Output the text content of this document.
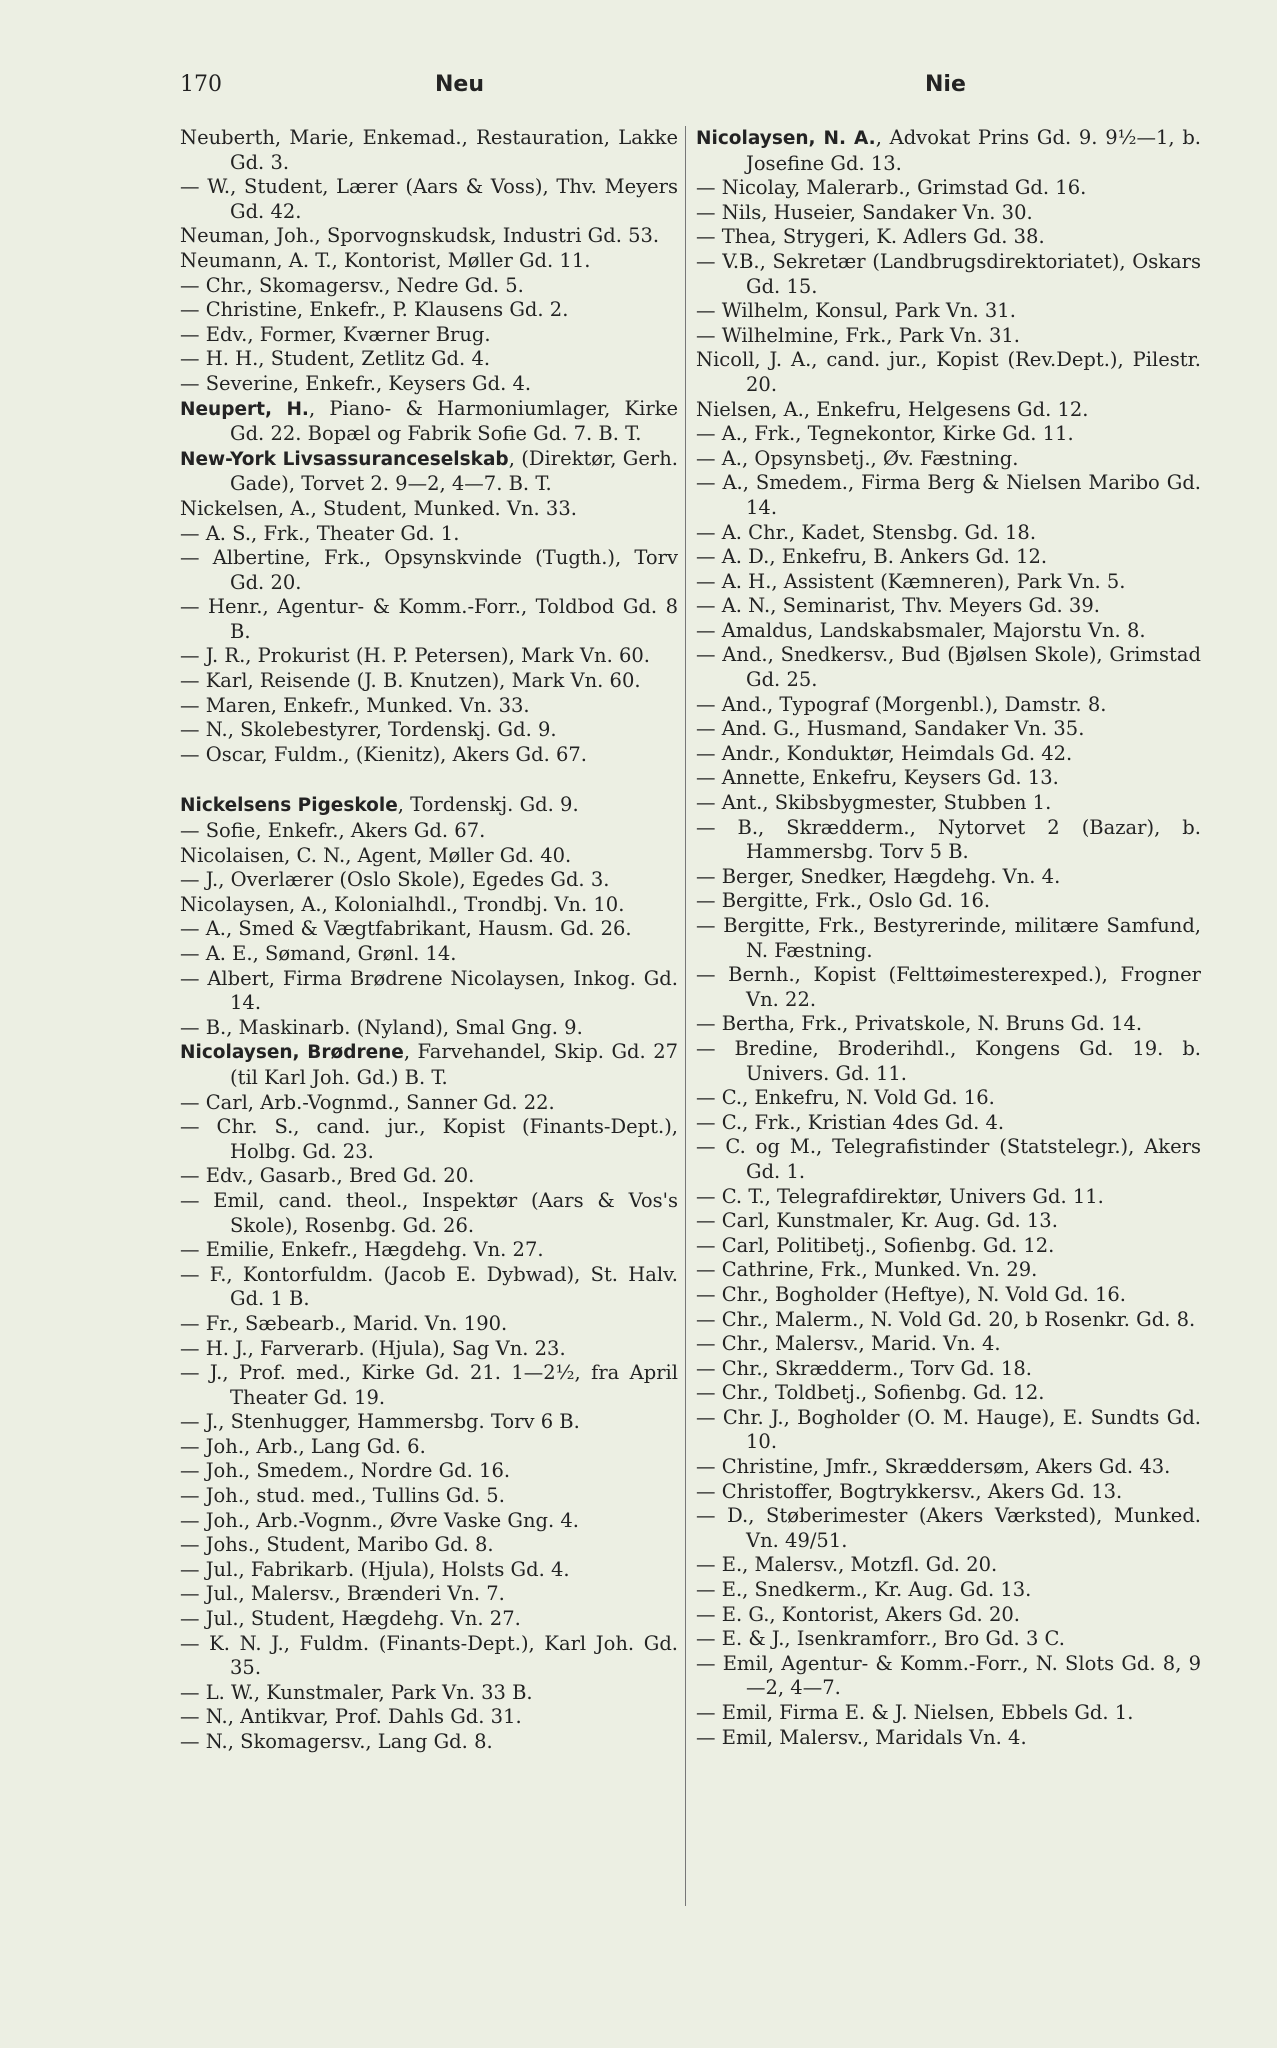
170	Neu	Nie

Neuberth, Marie, Enkemad., Restauration, Lakke Gd. 3.

— W., Student, Lærer (Aars & Voss), Thv. Meyers Gd. 42.

Neuman, Joh., Sporvognskudsk, Industri Gd. 53.

Neumann, A. T., Kontorist, Møller Gd. 11.

— Chr., Skomagersv., Nedre Gd. 5.

— Christine, Enkefr., P. Klausens Gd. 2.

— Edv., Former, Kværner Brug.

— H. H., Student, Zetlitz Gd. 4.

— Severine, Enkefr., Keysers Gd. 4.

Neupert, H., Piano- & Harmoniumlager, Kirke Gd. 22. Bopæl og Fabrik Sofie Gd. 7. B. T.

New-York Livsassuranceselskab, (Direktør, Gerh. Gade), Torvet 2. 9—2, 4—7. B. T.

Nickelsen, A., Student, Munked. Vn. 33.

— A. S., Frk., Theater Gd. 1.

— Albertine, Frk., Opsynskvinde (Tugth.), Torv Gd. 20.

— Henr., Agentur- & Komm.-Forr., Toldbod Gd. 8 B.

— J. R., Prokurist (H. P. Petersen), Mark Vn. 60.

— Karl, Reisende (J. B. Knutzen), Mark Vn. 60.

— Maren, Enkefr., Munked. Vn. 33.

— N., Skolebestyrer, Tordenskj. Gd. 9.

— Oscar, Fuldm., (Kienitz), Akers Gd. 67.

Nickelsens Pigeskole, Tordenskj. Gd. 9.

— Sofie, Enkefr., Akers Gd. 67.

Nicolaisen, C. N., Agent, Møller Gd. 40.

— J., Overlærer (Oslo Skole), Egedes Gd. 3.

Nicolaysen, A., Kolonialhdl., Trondbj. Vn. 10.

— A., Smed & Vægtfabrikant, Hausm. Gd. 26.

— A. E., Sømand, Grønl. 14.

— Albert, Firma Brødrene Nicolaysen, Inkog. Gd. 14.

— B., Maskinarb. (Nyland), Smal Gng. 9.

Nicolaysen, Brødrene, Farvehandel, Skip. Gd. 27 (til Karl Joh. Gd.) B. T.

— Carl, Arb.-Vognmd., Sanner Gd. 22.

— Chr. S., cand. jur., Kopist (Finants-Dept.), Holbg. Gd. 23.

— Edv., Gasarb., Bred Gd. 20.

— Emil, cand. theol., Inspektør (Aars & Vos's Skole), Rosenbg. Gd. 26.

— Emilie, Enkefr., Hægdehg. Vn. 27.

— F., Kontorfuldm. (Jacob E. Dybwad), St. Halv. Gd. 1 B.

— Fr., Sæbearb., Marid. Vn. 190.

— H. J., Farverarb. (Hjula), Sag Vn. 23.

— J., Prof. med., Kirke Gd. 21. 1—2½, fra April Theater Gd. 19.

— J., Stenhugger, Hammersbg. Torv 6 B.

— Joh., Arb., Lang Gd. 6.

— Joh., Smedem., Nordre Gd. 16.

— Joh., stud. med., Tullins Gd. 5.

— Joh., Arb.-Vognm., Øvre Vaske Gng. 4.

— Johs., Student, Maribo Gd. 8.

— Jul., Fabrikarb. (Hjula), Holsts Gd. 4.

— Jul., Malersv., Brænderi Vn. 7.

— Jul., Student, Hægdehg. Vn. 27.

— K. N. J., Fuldm. (Finants-Dept.), Karl Joh. Gd. 35.

— L. W., Kunstmaler, Park Vn. 33 B.

— N., Antikvar, Prof. Dahls Gd. 31.

— N., Skomagersv., Lang Gd. 8.

Nicolaysen, N. A., Advokat Prins Gd. 9. 9½—1, b. Josefine Gd. 13.

— Nicolay, Malerarb., Grimstad Gd. 16.

— Nils, Huseier, Sandaker Vn. 30.

— Thea, Strygeri, K. Adlers Gd. 38.

— V.B., Sekretær (Landbrugsdirektoriatet), Oskars Gd. 15.

— Wilhelm, Konsul, Park Vn. 31.

— Wilhelmine, Frk., Park Vn. 31.

Nicoll, J. A., cand. jur., Kopist (Rev.Dept.), Pilestr. 20.

Nielsen, A., Enkefru, Helgesens Gd. 12.

— A., Frk., Tegnekontor, Kirke Gd. 11.

— A., Opsynsbetj., Øv. Fæstning.

— A., Smedem., Firma Berg & Nielsen Maribo Gd. 14.

— A. Chr., Kadet, Stensbg. Gd. 18.

— A. D., Enkefru, B. Ankers Gd. 12.

— A. H., Assistent (Kæmneren), Park Vn. 5.

— A. N., Seminarist, Thv. Meyers Gd. 39.

— Amaldus, Landskabsmaler, Majorstu Vn. 8.

— And., Snedkersv., Bud (Bjølsen Skole), Grimstad Gd. 25.

— And., Typograf (Morgenbl.), Damstr. 8.

— And. G., Husmand, Sandaker Vn. 35.

— Andr., Konduktør, Heimdals Gd. 42.

— Annette, Enkefru, Keysers Gd. 13.

— Ant., Skibsbygmester, Stubben 1.

— B., Skrædderm., Nytorvet 2 (Bazar), b. Hammersbg. Torv 5 B.

— Berger, Snedker, Hægdehg. Vn. 4.

— Bergitte, Frk., Oslo Gd. 16.

— Bergitte, Frk., Bestyrerinde, militære Samfund, N. Fæstning.

— Bernh., Kopist (Felttøimesterexped.), Frogner Vn. 22.

— Bertha, Frk., Privatskole, N. Bruns Gd. 14.

— Bredine, Broderihdl., Kongens Gd. 19. b. Univers. Gd. 11.

— C., Enkefru, N. Vold Gd. 16.

— C., Frk., Kristian 4des Gd. 4.

— C. og M., Telegrafistinder (Statstelegr.), Akers Gd. 1.

— C. T., Telegrafdirektør, Univers Gd. 11.

— Carl, Kunstmaler, Kr. Aug. Gd. 13.

— Carl, Politibetj., Sofienbg. Gd. 12.

— Cathrine, Frk., Munked. Vn. 29.

— Chr., Bogholder (Heftye), N. Vold Gd. 16.

— Chr., Malerm., N. Vold Gd. 20, b Rosenkr. Gd. 8.

— Chr., Malersv., Marid. Vn. 4.

— Chr., Skrædderm., Torv Gd. 18.

— Chr., Toldbetj., Sofienbg. Gd. 12.

— Chr. J., Bogholder (O. M. Hauge), E. Sundts Gd. 10.

— Christine, Jmfr., Skræddersøm, Akers Gd. 43.

— Christoffer, Bogtrykkersv., Akers Gd. 13.

— D., Støberimester (Akers Værksted), Munked. Vn. 49/51.

— E., Malersv., Motzfl. Gd. 20.

— E., Snedkerm., Kr. Aug. Gd. 13.

— E. G., Kontorist, Akers Gd. 20.

— E. & J., Isenkramforr., Bro Gd. 3 C.

— Emil, Agentur- & Komm.-Forr., N. Slots Gd. 8, 9—2, 4—7.

— Emil, Firma E. & J. Nielsen, Ebbels Gd. 1.

— Emil, Malersv., Maridals Vn. 4.
